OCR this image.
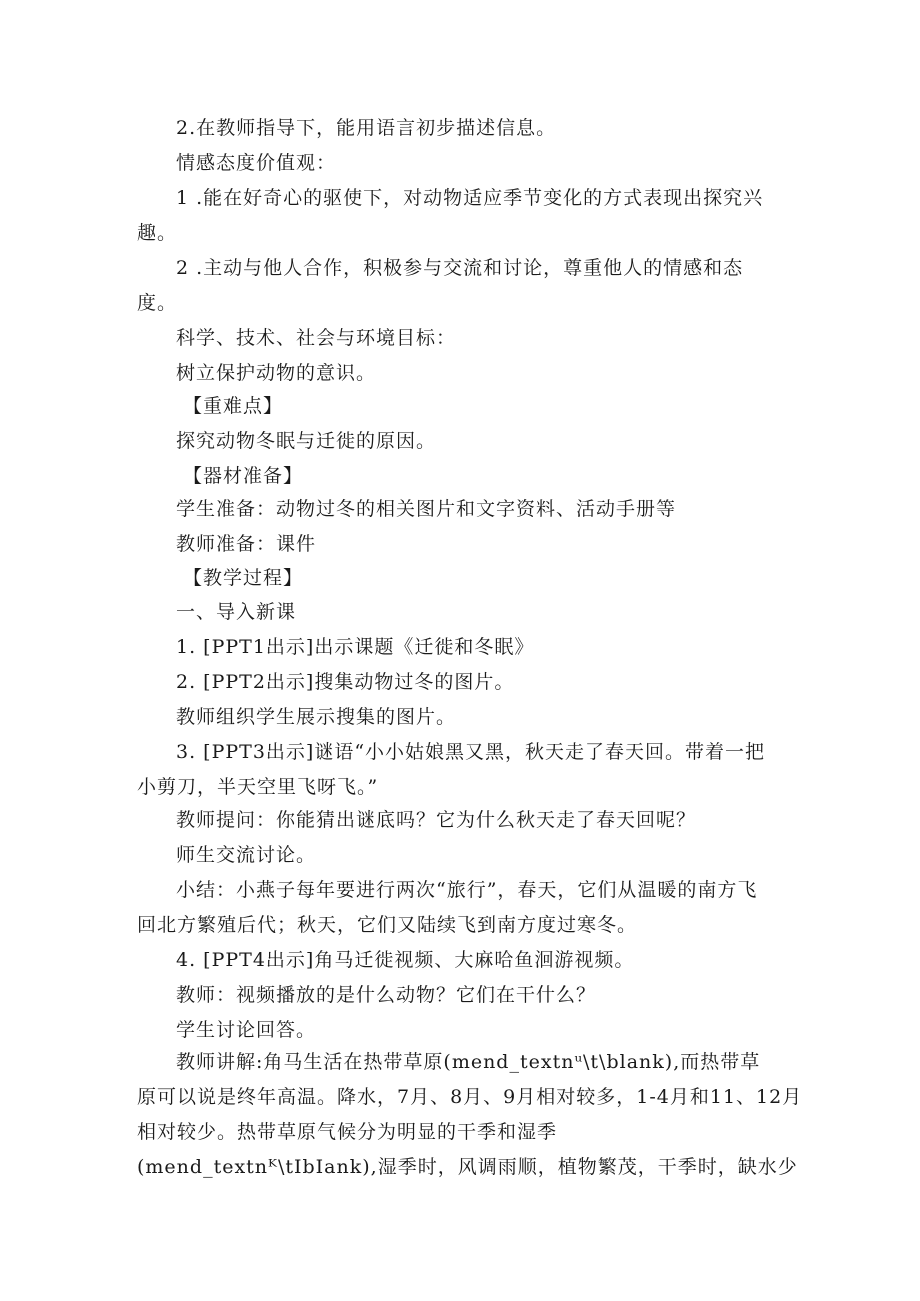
2.在教师指导下，能用语言初步描述信息。
情感态度价值观：
1 .能在好奇心的驱使下，对动物适应季节变化的方式表现出探究兴
趣。
2 .主动与他人合作，积极参与交流和讨论，尊重他人的情感和态
度。
科学、技术、社会与环境目标：
树立保护动物的意识。
【重难点】
探究动物冬眠与迁徙的原因。
【器材准备】
学生准备：动物过冬的相关图片和文字资料、活动手册等
教师准备：课件
【教学过程】
一、导入新课
1. [PPT1出示]出示课题《迁徙和冬眠》
2. [PPT2出示]搜集动物过冬的图片。
教师组织学生展示搜集的图片。
3. [PPT3出示]谜语“小小姑娘黑又黑，秋天走了春天回。带着一把
小剪刀，半天空里飞呀飞。”
教师提问：你能猜出谜底吗？它为什么秋天走了春天回呢？
师生交流讨论。
小结：小燕子每年要进行两次“旅行”，春天，它们从温暖的南方飞
回北方繁殖后代；秋天，它们又陆续飞到南方度过寒冬。
4. [PPT4出示]角马迁徙视频、大麻哈鱼洄游视频。
教师：视频播放的是什么动物？它们在干什么？
学生讨论回答。
教师讲解:角马生活在热带草原(mend_textnᵘ\t\blank),而热带草
原可以说是终年高温。降水，7月、8月、9月相对较多，1-4月和11、12月
相对较少。热带草原气候分为明显的干季和湿季
(mend_textnᴷ\tIbIank),湿季时，风调雨顺，植物繁茂，干季时，缺水少
